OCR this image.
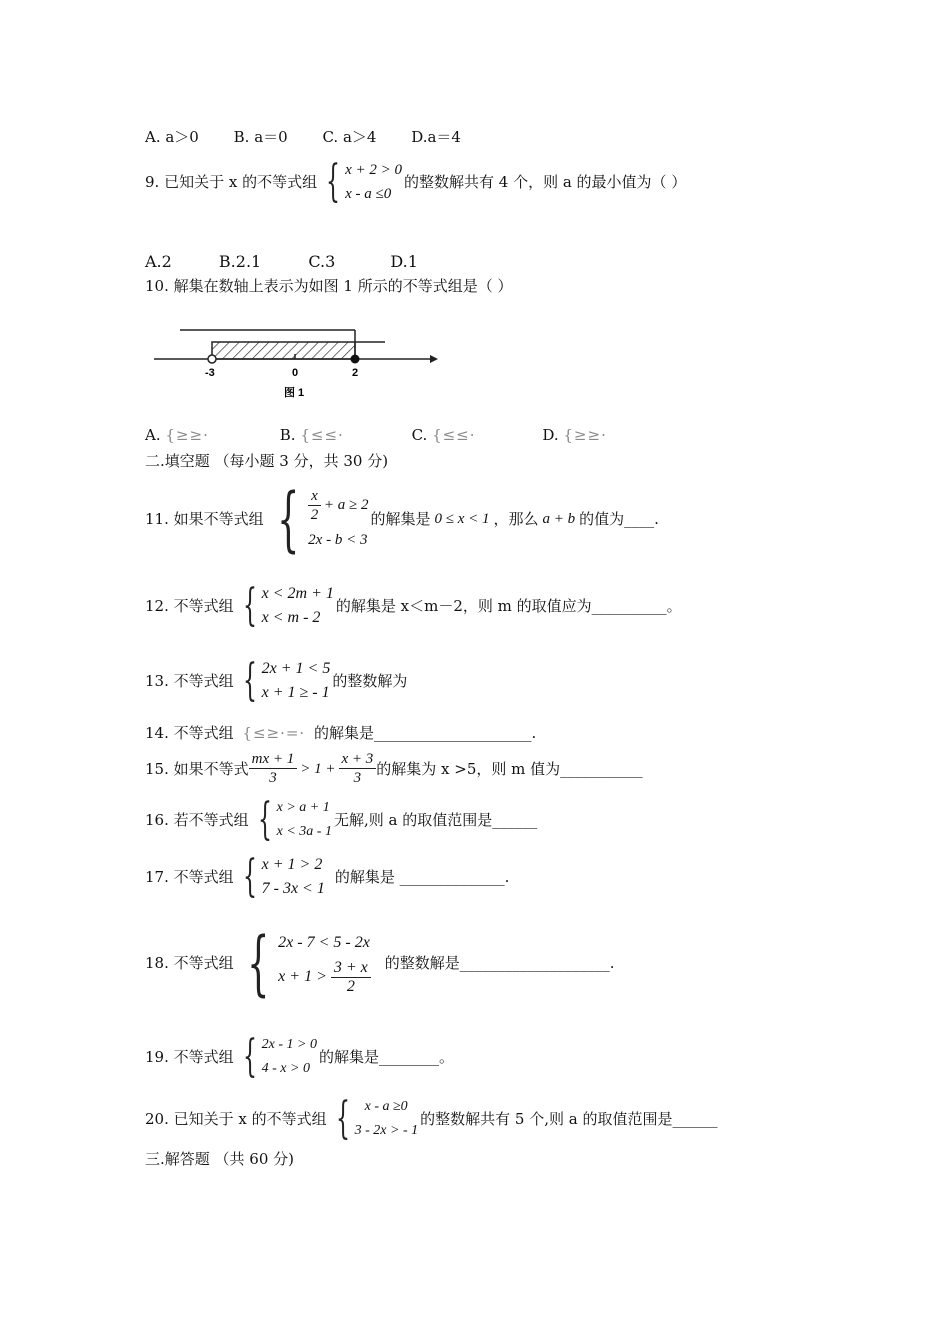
A. a＞0 B. a＝0 C. a＞4 D.a＝4
9. 已知关于 x 的不等式组 { x + 2 > 0
x - a ≤0
的整数解共有 4 个，则 a 的最小值为（ ）
A.2	B.2.1	C.3	D.1
10. 解集在数轴上表示为如图 1 所示的不等式组是（ ）
-3	0	2
图 1
A. {≥≥·	B. {≤≤·	C. {≤≤·	D. {≥≥·
二.填空题 （每小题 3 分，共 30 分)
11. 如果不等式组 { $\frac{x}{2} + a \ge 2$
2x - b < 3
的解集是 0 ≤ x < 1 ，那么 a + b 的值为____.
12. 不等式组 { x < 2m + 1
x < m - 2
的解集是 x＜m－2，则 m 的取值应为__________。
13. 不等式组 { 2x + 1 < 5
x + 1 ≥ - 1
的整数解为
14. 不等式组 {≤≥·=· 的解集是_____________________.
15. 如果不等式 $\frac{mx + 1}{3} > 1 + \frac{x + 3}{3}$ 的解集为 x >5，则 m 值为___________
16. 若不等式组 { x > a + 1
x < 3a - 1
无解,则 a 的取值范围是______
17. 不等式组 { x + 1 > 2
7 - 3x < 1
的解集是 ______________.
18. 不等式组 { 2x - 7 < 5 - 2x
$x + 1 > \frac{3 + x}{2}$ 的整数解是____________________.
19. 不等式组 { 2x - 1 > 0
4 - x > 0
的解集是________。
20. 已知关于 x 的不等式组 {	x - a ≥0
3 - 2x > - 1
的整数解共有 5 个,则 a 的取值范围是______
三.解答题 （共 60 分)
